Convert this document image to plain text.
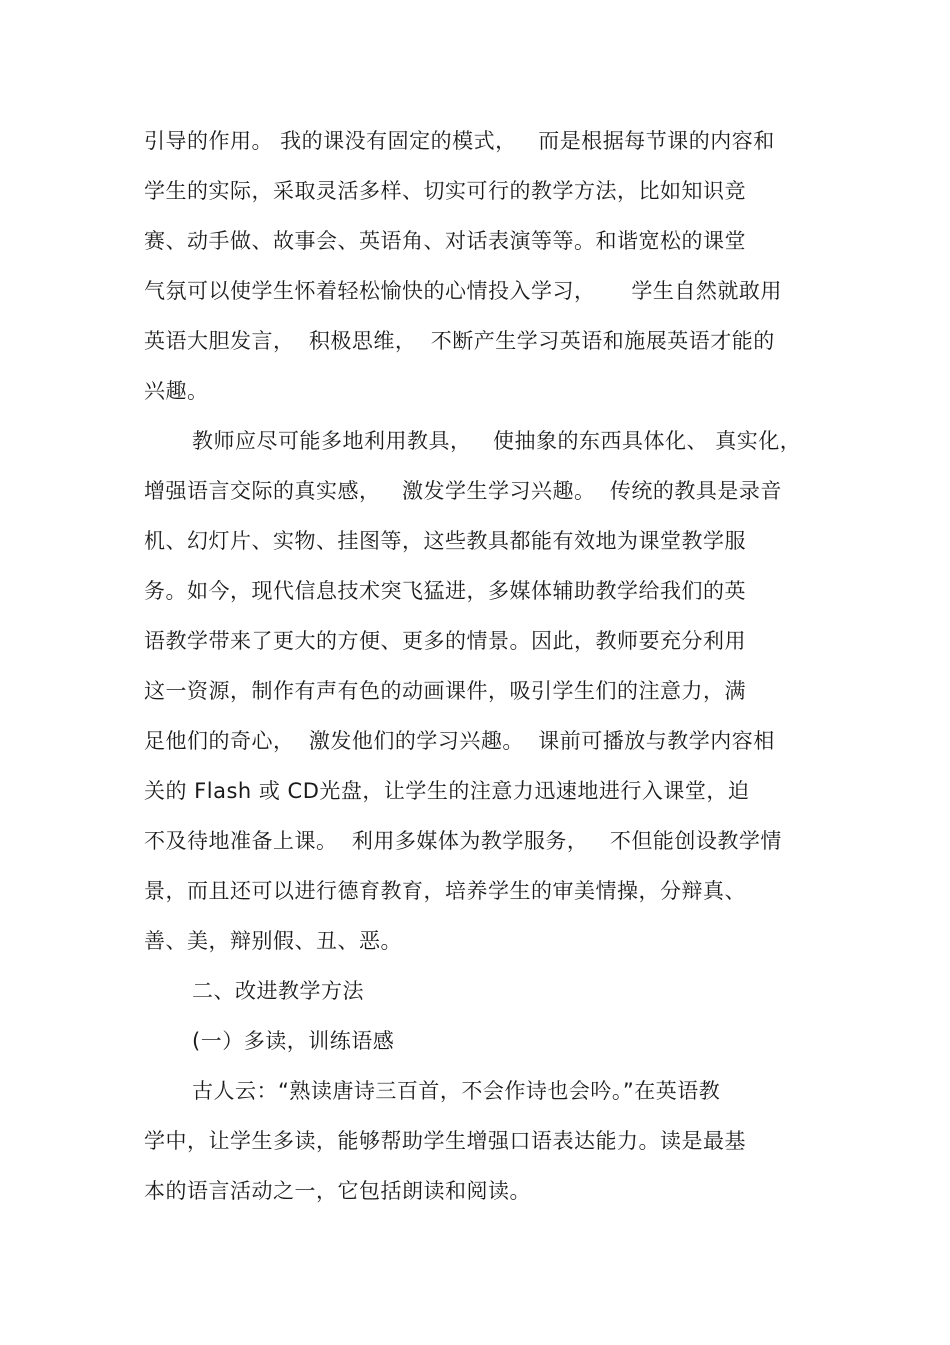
引导的作用。 我的课没有固定的模式，   而是根据每节课的内容和
学生的实际，采取灵活多样、切实可行的教学方法，比如知识竞
赛、动手做、故事会、英语角、对话表演等等。和谐宽松的课堂
气氛可以使学生怀着轻松愉快的心情投入学习，     学生自然就敢用
英语大胆发言，  积极思维，  不断产生学习英语和施展英语才能的
兴趣。
教师应尽可能多地利用教具，   使抽象的东西具体化、 真实化，
增强语言交际的真实感，   激发学生学习兴趣。  传统的教具是录音
机、幻灯片、实物、挂图等，这些教具都能有效地为课堂教学服
务。如今，现代信息技术突飞猛进，多媒体辅助教学给我们的英
语教学带来了更大的方便、更多的情景。因此，教师要充分利用
这一资源，制作有声有色的动画课件，吸引学生们的注意力，满
足他们的奇心，  激发他们的学习兴趣。  课前可播放与教学内容相
关的 Flash 或 CD光盘，让学生的注意力迅速地进行入课堂，迫
不及待地准备上课。  利用多媒体为教学服务，   不但能创设教学情
景，而且还可以进行德育教育，培养学生的审美情操，分辩真、
善、美，辩别假、丑、恶。
二、改进教学方法
(一）多读，训练语感
古人云：“熟读唐诗三百首，不会作诗也会吟。”在英语教
学中，让学生多读，能够帮助学生增强口语表达能力。读是最基
本的语言活动之一，它包括朗读和阅读。
